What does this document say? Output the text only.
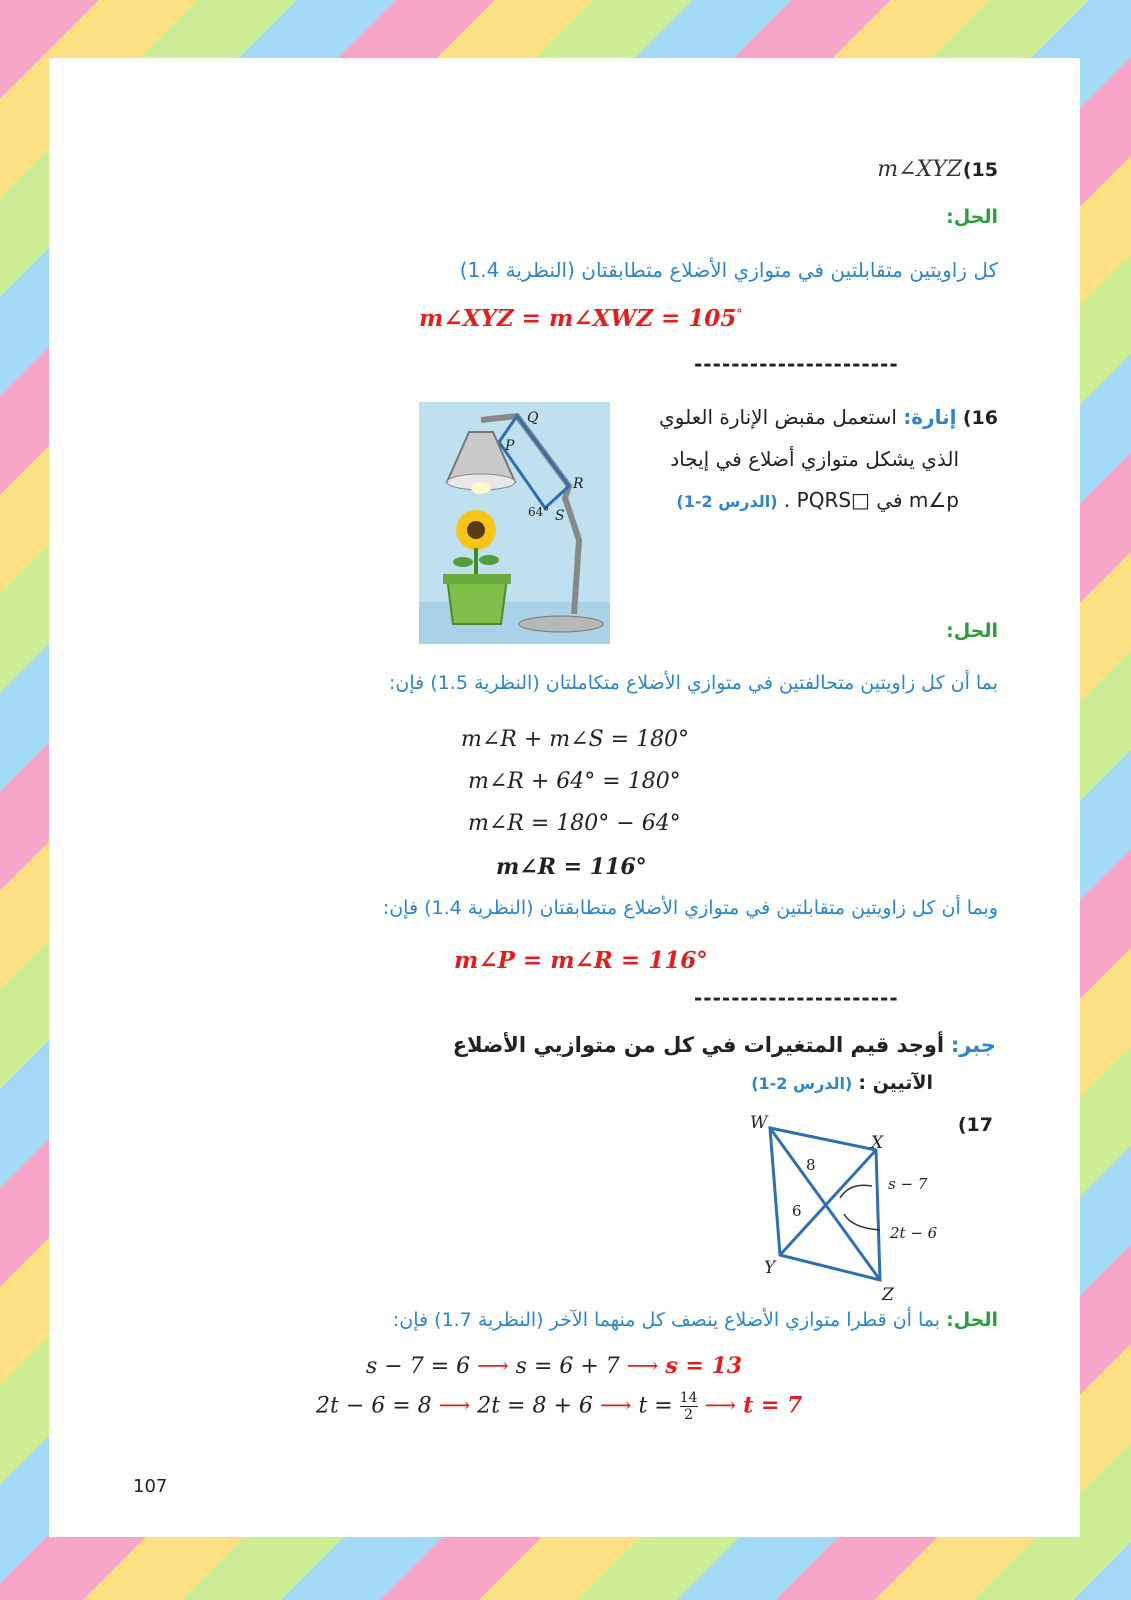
(15
m∠XYZ
الحل:
كل زاويتين متقابلتين في متوازي الأضلاع متطابقتان (النظرية 1.4)
m∠XYZ = m∠XWZ = 105°
----------------------
Q
P
R
S
64°
16) إنارة: استعمل مقبض الإنارة العلوي
الذي يشكل متوازي أضلاع في إيجاد
m∠p في □PQRS . (الدرس 2-1)
الحل:
بما أن كل زاويتين متحالفتين في متوازي الأضلاع متكاملتان (النظرية 1.5) فإن:
m∠R + m∠S = 180°
m∠R + 64° = 180°
m∠R = 180° − 64°
m∠R = 116°
وبما أن كل زاويتين متقابلتين في متوازي الأضلاع متطابقتان (النظرية 1.4) فإن:
m∠P = m∠R = 116°
----------------------
جبر: أوجد قيم المتغيرات في كل من متوازيي الأضلاع
الآتيين : (الدرس 2-1)
(17
W
X
Y
Z
8
6
s − 7
2t − 6
الحل: بما أن قطرا متوازي الأضلاع ينصف كل منهما الآخر (النظرية 1.7) فإن:
s − 7 = 6 ⟶ s = 6 + 7 ⟶ s = 13
2t − 6 = 8 ⟶ 2t = 8 + 6 ⟶ $t = \frac{14}{2}$ ⟶ t = 7
107
